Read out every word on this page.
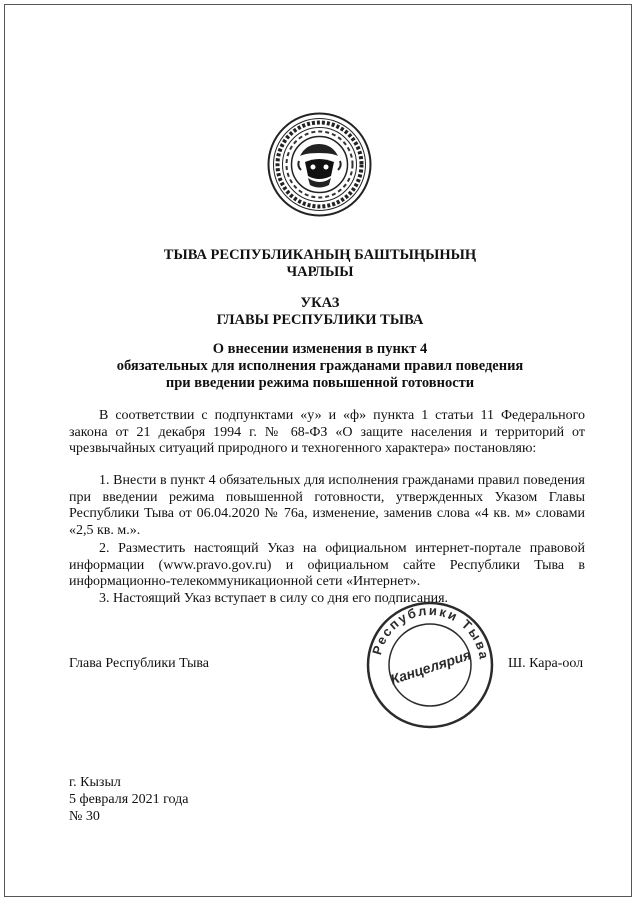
ТЫВА РЕСПУБЛИКАНЫҢ БАШТЫҢЫНЫҢ
ЧАРЛЫЫ
УКАЗ
ГЛАВЫ РЕСПУБЛИКИ ТЫВА
О внесении изменения в пункт 4
обязательных для исполнения гражданами правил поведения
при введении режима повышенной готовности
В соответствии с подпунктами «у» и «ф» пункта 1 статьи 11 Федерального закона от 21 декабря 1994 г. № 68-ФЗ «О защите населения и территорий от чрезвычайных ситуаций природного и техногенного характера» постановляю:
1. Внести в пункт 4 обязательных для исполнения гражданами правил поведения при введении режима повышенной готовности, утвержденных Указом Главы Республики Тыва от 06.04.2020 № 76а, изменение, заменив слова «4 кв. м» словами «2,5 кв. м.».
2. Разместить настоящий Указ на официальном интернет-портале правовой информации (www.pravo.gov.ru) и официальном сайте Республики Тыва в информационно-телекоммуникационной сети «Интернет».
3. Настоящий Указ вступает в силу со дня его подписания.
Глава Республики Тыва
Республики Тыва
Канцелярия	Ш. Кара-оол
г. Кызыл
5 февраля 2021 года
№ 30
